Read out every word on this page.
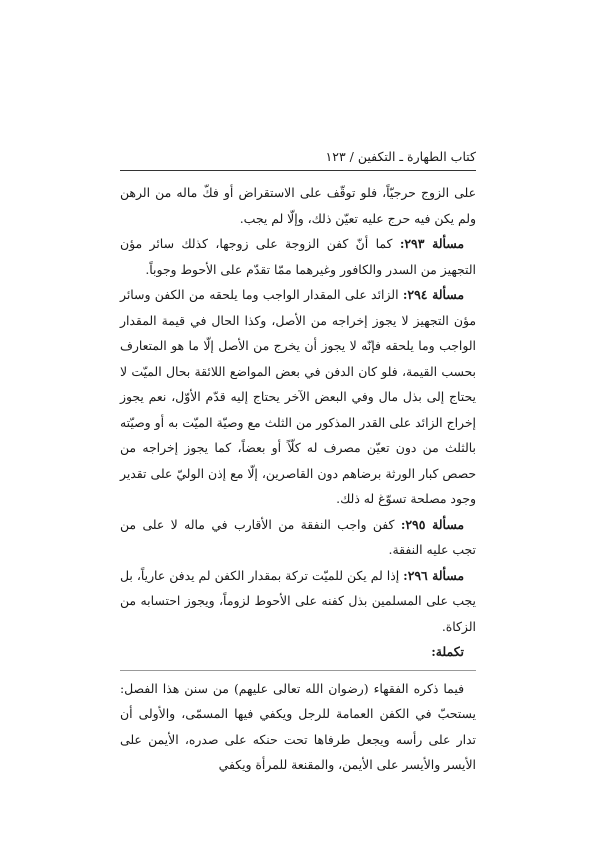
كتاب الطهارة ـ التكفين / ١٢٣

على الزوج حرجيّاً، فلو توقّف على الاستقراض أو فكّ ماله من الرهن ولم يكن فيه حرج عليه تعيّن ذلك، وإلّا لم يجب.

مسألة ٢٩٣: كما أنّ كفن الزوجة على زوجها، كذلك سائر مؤن التجهيز من السدر والكافور وغيرهما ممّا تقدّم على الأحوط وجوباً.

مسألة ٢٩٤: الزائد على المقدار الواجب وما يلحقه من الكفن وسائر مؤن التجهيز لا يجوز إخراجه من الأصل، وكذا الحال في قيمة المقدار الواجب وما يلحقه فإنّه لا يجوز أن يخرج من الأصل إلّا ما هو المتعارف بحسب القيمة، فلو كان الدفن في بعض المواضع اللائقة بحال الميّت لا يحتاج إلى بذل مال وفي البعض الآخر يحتاج إليه قدّم الأوّل، نعم يجوز إخراج الزائد على القدر المذكور من الثلث مع وصيّة الميّت به أو وصيّته بالثلث من دون تعيّن مصرف له كلّاً أو بعضاً، كما يجوز إخراجه من حصص كبار الورثة برضاهم دون القاصرين، إلّا مع إذن الوليّ على تقدير وجود مصلحة تسوّغ له ذلك.

مسألة ٢٩٥: كفن واجب النفقة من الأقارب في ماله لا على من تجب عليه النفقة.

مسألة ٢٩٦: إذا لم يكن للميّت تركة بمقدار الكفن لم يدفن عارياً، بل يجب على المسلمين بذل كفنه على الأحوط لزوماً، ويجوز احتسابه من الزكاة.

تكملة:

فيما ذكره الفقهاء (رضوان الله تعالى عليهم) من سنن هذا الفصل: يستحبّ في الكفن العمامة للرجل ويكفي فيها المسمّى، والأولى أن تدار على رأسه ويجعل طرفاها تحت حنكه على صدره، الأيمن على الأيسر والأيسر على الأيمن، والمقنعة للمرأة ويكفي
